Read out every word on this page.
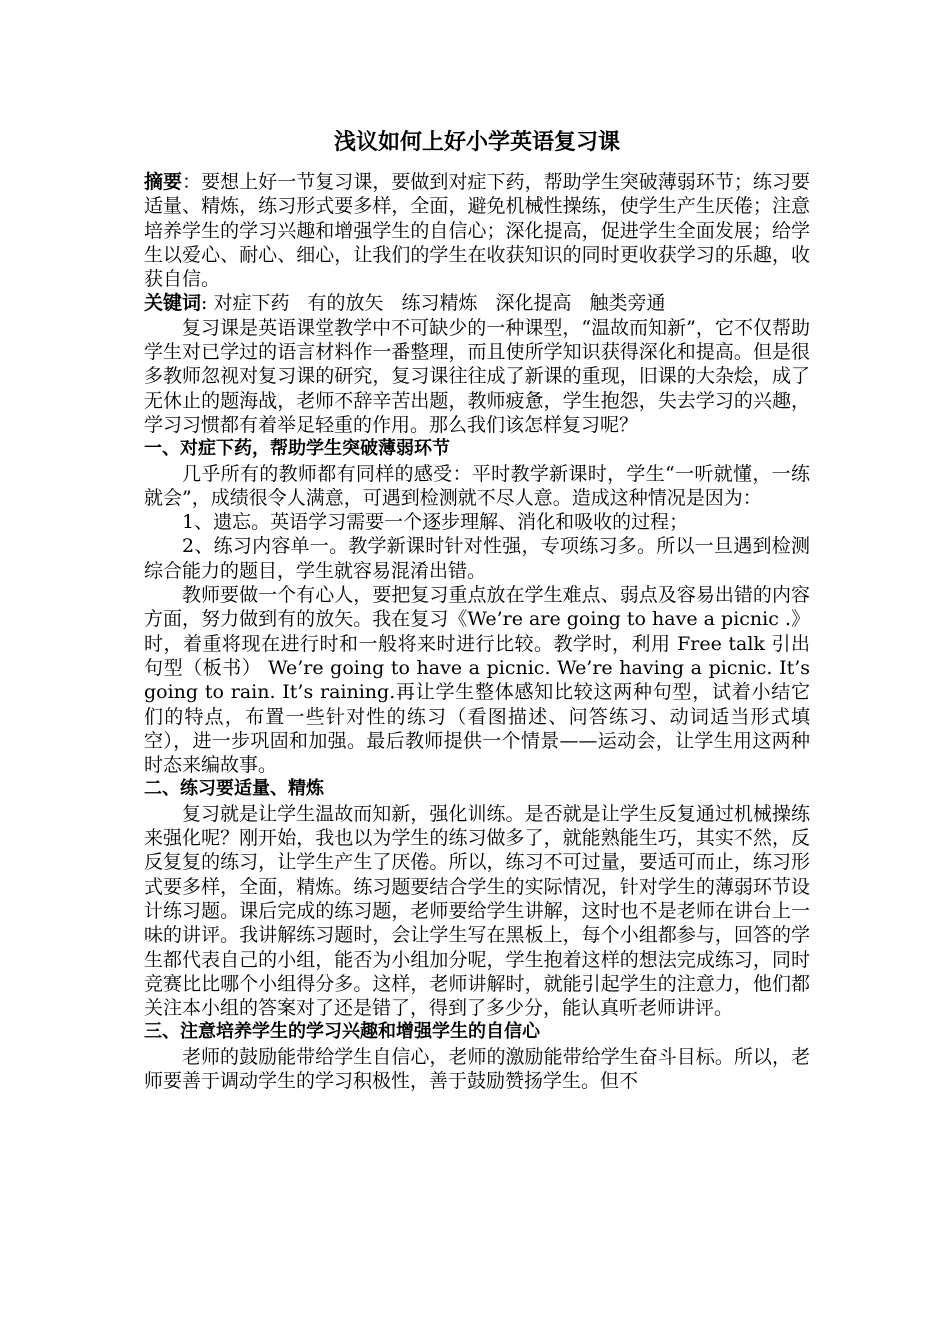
浅议如何上好小学英语复习课

摘要：要想上好一节复习课，要做到对症下药，帮助学生突破薄弱环节；练习要适量、精炼，练习形式要多样，全面，避免机械性操练，使学生产生厌倦；注意培养学生的学习兴趣和增强学生的自信心；深化提高，促进学生全面发展；给学生以爱心、耐心、细心，让我们的学生在收获知识的同时更收获学习的乐趣，收获自信。

关键词: 对症下药 有的放矢 练习精炼 深化提高 触类旁通

复习课是英语课堂教学中不可缺少的一种课型，“温故而知新”，它不仅帮助学生对已学过的语言材料作一番整理，而且使所学知识获得深化和提高。但是很多教师忽视对复习课的研究，复习课往往成了新课的重现，旧课的大杂烩，成了无休止的题海战，老师不辞辛苦出题，教师疲惫，学生抱怨，失去学习的兴趣，学习习惯都有着举足轻重的作用。那么我们该怎样复习呢？

一、对症下药，帮助学生突破薄弱环节

几乎所有的教师都有同样的感受：平时教学新课时，学生“一听就懂，一练就会”，成绩很令人满意，可遇到检测就不尽人意。造成这种情况是因为：

1、遗忘。英语学习需要一个逐步理解、消化和吸收的过程；

2、练习内容单一。教学新课时针对性强，专项练习多。所以一旦遇到检测综合能力的题目，学生就容易混淆出错。

教师要做一个有心人，要把复习重点放在学生难点、弱点及容易出错的内容方面，努力做到有的放矢。我在复习《We’re are going to have a picnic .》时，着重将现在进行时和一般将来时进行比较。教学时，利用 Free talk 引出句型（板书） We’re going to have a picnic. We’re having a picnic. It’s going to rain. It’s raining.再让学生整体感知比较这两种句型，试着小结它们的特点，布置一些针对性的练习（看图描述、问答练习、动词适当形式填空），进一步巩固和加强。最后教师提供一个情景——运动会，让学生用这两种时态来编故事。

二、练习要适量、精炼

复习就是让学生温故而知新，强化训练。是否就是让学生反复通过机械操练来强化呢？刚开始，我也以为学生的练习做多了，就能熟能生巧，其实不然，反反复复的练习，让学生产生了厌倦。所以，练习不可过量，要适可而止，练习形式要多样，全面，精炼。练习题要结合学生的实际情况，针对学生的薄弱环节设计练习题。课后完成的练习题，老师要给学生讲解，这时也不是老师在讲台上一味的讲评。我讲解练习题时，会让学生写在黑板上，每个小组都参与，回答的学生都代表自己的小组，能否为小组加分呢，学生抱着这样的想法完成练习，同时竞赛比比哪个小组得分多。这样，老师讲解时，就能引起学生的注意力，他们都关注本小组的答案对了还是错了，得到了多少分，能认真听老师讲评。

三、注意培养学生的学习兴趣和增强学生的自信心

老师的鼓励能带给学生自信心，老师的激励能带给学生奋斗目标。所以，老师要善于调动学生的学习积极性，善于鼓励赞扬学生。但不
